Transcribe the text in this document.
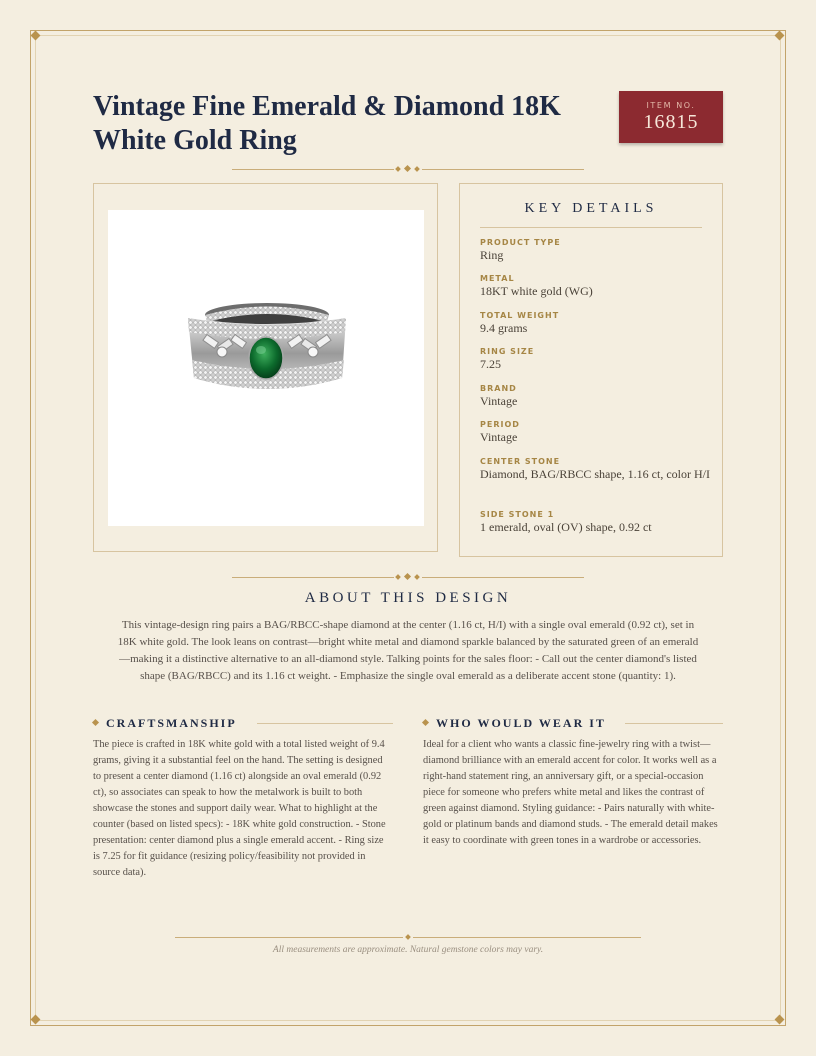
Vintage Fine Emerald & Diamond 18K White Gold Ring
ITEM NO.
16815
KEY DETAILS
PRODUCT TYPE
Ring
METAL
18KT white gold (WG)
TOTAL WEIGHT
9.4 grams
RING SIZE
7.25
BRAND
Vintage
PERIOD
Vintage
CENTER STONE
Diamond, BAG/RBCC shape, 1.16 ct, color H/I
SIDE STONE 1
1 emerald, oval (OV) shape, 0.92 ct
ABOUT THIS DESIGN

This vintage-design ring pairs a BAG/RBCC-shape diamond at the center (1.16 ct, H/I) with a single oval emerald (0.92 ct), set in 18K white gold. The look leans on contrast—bright white metal and diamond sparkle balanced by the saturated green of an emerald—making it a distinctive alternative to an all-diamond style. Talking points for the sales floor: - Call out the center diamond's listed shape (BAG/RBCC) and its 1.16 ct weight. - Emphasize the single oval emerald as a deliberate accent stone (quantity: 1).

CRAFTSMANSHIP

The piece is crafted in 18K white gold with a total listed weight of 9.4 grams, giving it a substantial feel on the hand. The setting is designed to present a center diamond (1.16 ct) alongside an oval emerald (0.92 ct), so associates can speak to how the metalwork is built to both showcase the stones and support daily wear. What to highlight at the counter (based on listed specs): - 18K white gold construction. - Stone presentation: center diamond plus a single emerald accent. - Ring size is 7.25 for fit guidance (resizing policy/feasibility not provided in source data).

WHO WOULD WEAR IT

Ideal for a client who wants a classic fine-jewelry ring with a twist—diamond brilliance with an emerald accent for color. It works well as a right-hand statement ring, an anniversary gift, or a special-occasion piece for someone who prefers white metal and likes the contrast of green against diamond. Styling guidance: - Pairs naturally with white-gold or platinum bands and diamond studs. - The emerald detail makes it easy to coordinate with green tones in a wardrobe or accessories.

All measurements are approximate. Natural gemstone colors may vary.
